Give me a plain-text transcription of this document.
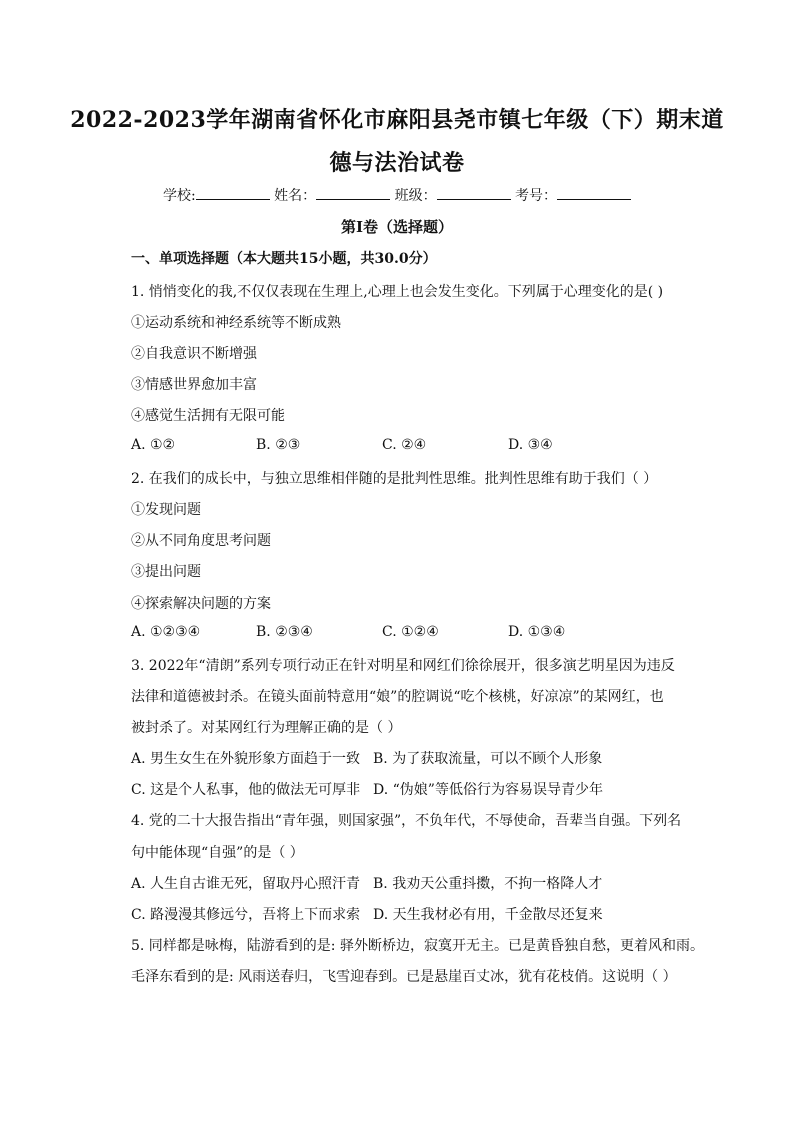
2022-2023学年湖南省怀化市麻阳县尧市镇七年级（下）期末道
德与法治试卷
学校:	姓名：	班级：	考号：
第Ⅰ卷（选择题）
一、单项选择题（本大题共15小题，共30.0分）
1. 悄悄变化的我,不仅仅表现在生理上,心理上也会发生变化。下列属于心理变化的是( )
①运动系统和神经系统等不断成熟
②自我意识不断增强
③情感世界愈加丰富
④感觉生活拥有无限可能
A. ①②	B. ②③	C. ②④	D. ③④
2. 在我们的成长中，与独立思维相伴随的是批判性思维。批判性思维有助于我们（ ）
①发现问题
②从不同角度思考问题
③提出问题
④探索解决问题的方案
A. ①②③④	B. ②③④	C. ①②④	D. ①③④
3. 2022年“清朗”系列专项行动正在针对明星和网红们徐徐展开，很多演艺明星因为违反
法律和道德被封杀。在镜头面前特意用“娘”的腔调说“吃个核桃，好凉凉”的某网红，也
被封杀了。对某网红行为理解正确的是（ ）
A. 男生女生在外貌形象方面趋于一致 B. 为了获取流量，可以不顾个人形象
C. 这是个人私事，他的做法无可厚非 D. “伪娘”等低俗行为容易误导青少年
4. 党的二十大报告指出“青年强，则国家强”，不负年代，不辱使命，吾辈当自强。下列名
句中能体现“自强”的是（ ）
A. 人生自古谁无死，留取丹心照汗青 B. 我劝天公重抖擞，不拘一格降人才
C. 路漫漫其修远兮，吾将上下而求索 D. 天生我材必有用，千金散尽还复来
5. 同样都是咏梅，陆游看到的是: 驿外断桥边，寂寞开无主。已是黄昏独自愁，更着风和雨。
毛泽东看到的是: 风雨送春归，飞雪迎春到。已是悬崖百丈冰，犹有花枝俏。这说明（ ）
